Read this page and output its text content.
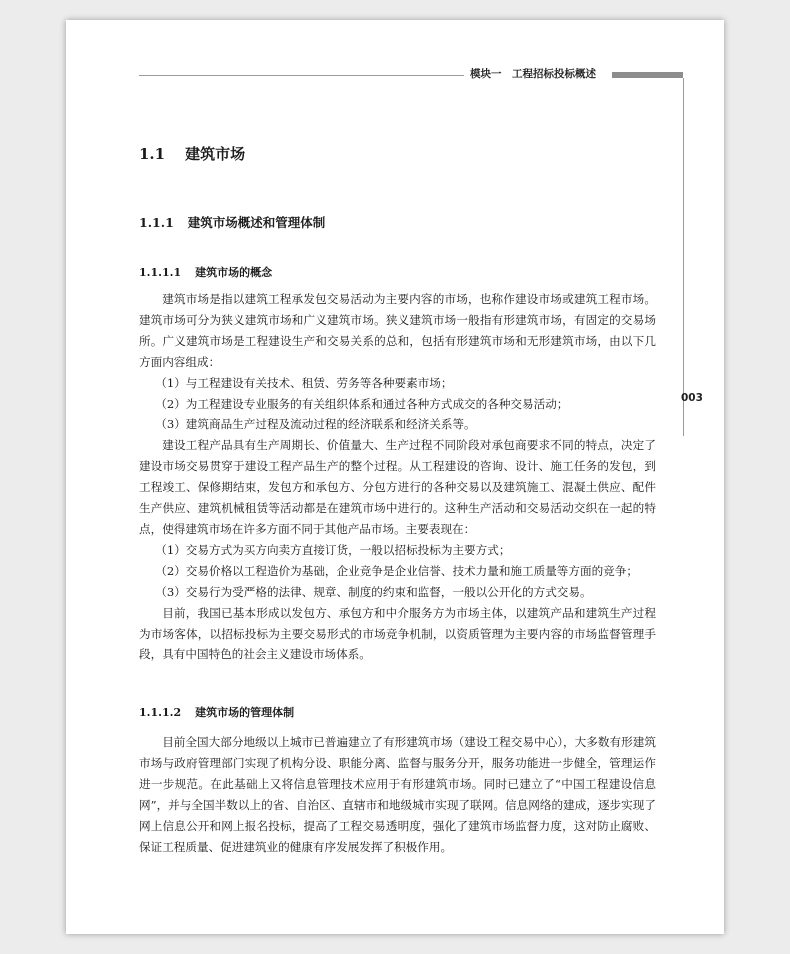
模块一　工程招标投标概述
003
1.1 建筑市场
1.1.1 建筑市场概述和管理体制
1.1.1.1 建筑市场的概念

建筑市场是指以建筑工程承发包交易活动为主要内容的市场，也称作建设市场或建筑工程市场。建筑市场可分为狭义建筑市场和广义建筑市场。狭义建筑市场一般指有形建筑市场，有固定的交易场所。广义建筑市场是工程建设生产和交易关系的总和，包括有形建筑市场和无形建筑市场，由以下几方面内容组成：

（1）与工程建设有关技术、租赁、劳务等各种要素市场；

（2）为工程建设专业服务的有关组织体系和通过各种方式成交的各种交易活动；

（3）建筑商品生产过程及流动过程的经济联系和经济关系等。

建设工程产品具有生产周期长、价值量大、生产过程不同阶段对承包商要求不同的特点，决定了建设市场交易贯穿于建设工程产品生产的整个过程。从工程建设的咨询、设计、施工任务的发包，到工程竣工、保修期结束，发包方和承包方、分包方进行的各种交易以及建筑施工、混凝土供应、配件生产供应、建筑机械租赁等活动都是在建筑市场中进行的。这种生产活动和交易活动交织在一起的特点，使得建筑市场在许多方面不同于其他产品市场。主要表现在：

（1）交易方式为买方向卖方直接订货，一般以招标投标为主要方式；

（2）交易价格以工程造价为基础，企业竞争是企业信誉、技术力量和施工质量等方面的竞争；

（3）交易行为受严格的法律、规章、制度的约束和监督，一般以公开化的方式交易。

目前，我国已基本形成以发包方、承包方和中介服务方为市场主体，以建筑产品和建筑生产过程为市场客体，以招标投标为主要交易形式的市场竞争机制，以资质管理为主要内容的市场监督管理手段，具有中国特色的社会主义建设市场体系。

1.1.1.2 建筑市场的管理体制

目前全国大部分地级以上城市已普遍建立了有形建筑市场（建设工程交易中心），大多数有形建筑市场与政府管理部门实现了机构分设、职能分离、监督与服务分开，服务功能进一步健全，管理运作进一步规范。在此基础上又将信息管理技术应用于有形建筑市场。同时已建立了“中国工程建设信息网”，并与全国半数以上的省、自治区、直辖市和地级城市实现了联网。信息网络的建成，逐步实现了网上信息公开和网上报名投标，提高了工程交易透明度，强化了建筑市场监督力度，这对防止腐败、保证工程质量、促进建筑业的健康有序发展发挥了积极作用。
